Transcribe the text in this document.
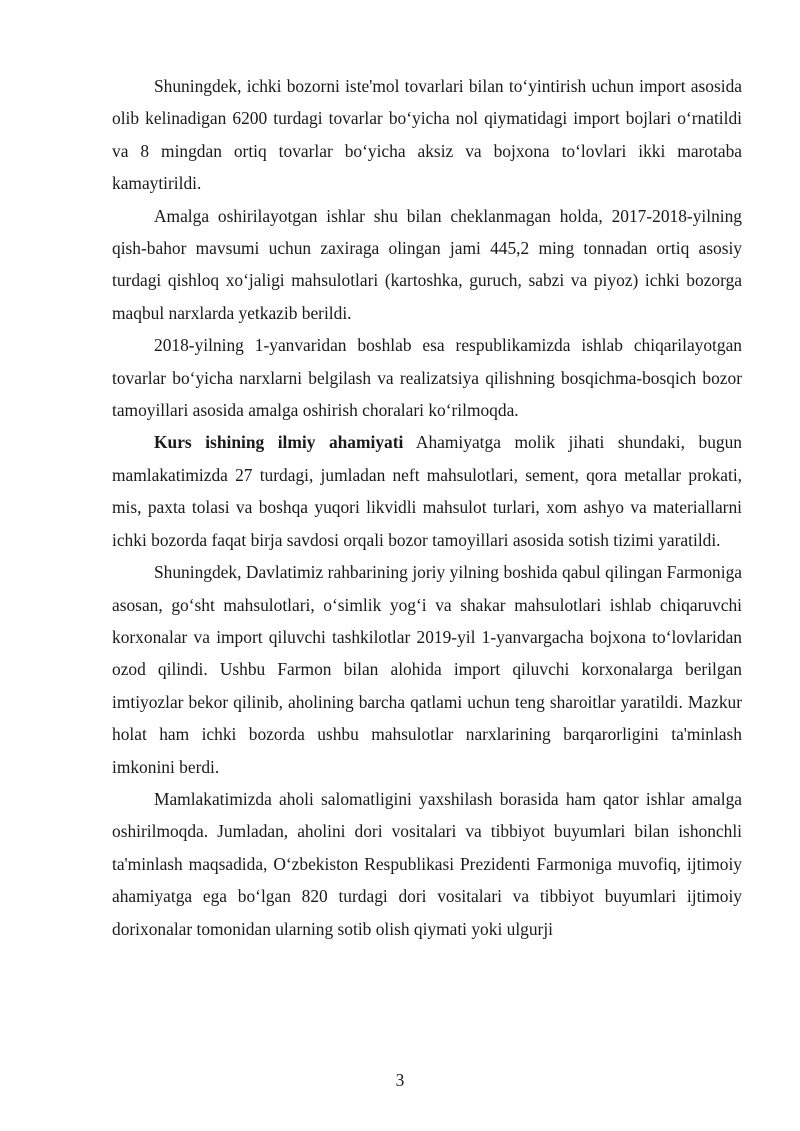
Shuningdek, ichki bozorni iste'mol tovarlari bilan to‘yintirish uchun import asosida olib kelinadigan 6200 turdagi tovarlar bo‘yicha nol qiymatidagi import bojlari o‘rnatildi va 8 mingdan ortiq tovarlar bo‘yicha aksiz va bojxona to‘lovlari ikki marotaba kamaytirildi.

Amalga oshirilayotgan ishlar shu bilan cheklanmagan holda, 2017-2018-yilning qish-bahor mavsumi uchun zaxiraga olingan jami 445,2 ming tonnadan ortiq asosiy turdagi qishloq xo‘jaligi mahsulotlari (kartoshka, guruch, sabzi va piyoz) ichki bozorga maqbul narxlarda yetkazib berildi.

2018-yilning 1-yanvaridan boshlab esa respublikamizda ishlab chiqarilayotgan tovarlar bo‘yicha narxlarni belgilash va realizatsiya qilishning bosqichma-bosqich bozor tamoyillari asosida amalga oshirish choralari ko‘rilmoqda.

Kurs ishining ilmiy ahamiyati Ahamiyatga molik jihati shundaki, bugun mamlakatimizda 27 turdagi, jumladan neft mahsulotlari, sement, qora metallar prokati, mis, paxta tolasi va boshqa yuqori likvidli mahsulot turlari, xom ashyo va materiallarni ichki bozorda faqat birja savdosi orqali bozor tamoyillari asosida sotish tizimi yaratildi.

Shuningdek, Davlatimiz rahbarining joriy yilning boshida qabul qilingan Farmoniga asosan, go‘sht mahsulotlari, o‘simlik yog‘i va shakar mahsulotlari ishlab chiqaruvchi korxonalar va import qiluvchi tashkilotlar 2019-yil 1-yanvargacha bojxona to‘lovlaridan ozod qilindi. Ushbu Farmon bilan alohida import qiluvchi korxonalarga berilgan imtiyozlar bekor qilinib, aholining barcha qatlami uchun teng sharoitlar yaratildi. Mazkur holat ham ichki bozorda ushbu mahsulotlar narxlarining barqarorligini ta'minlash imkonini berdi.

Mamlakatimizda aholi salomatligini yaxshilash borasida ham qator ishlar amalga oshirilmoqda. Jumladan, aholini dori vositalari va tibbiyot buyumlari bilan ishonchli ta'minlash maqsadida, O‘zbekiston Respublikasi Prezidenti Farmoniga muvofiq, ijtimoiy ahamiyatga ega bo‘lgan 820 turdagi dori vositalari va tibbiyot buyumlari ijtimoiy dorixonalar tomonidan ularning sotib olish qiymati yoki ulgurji

3
